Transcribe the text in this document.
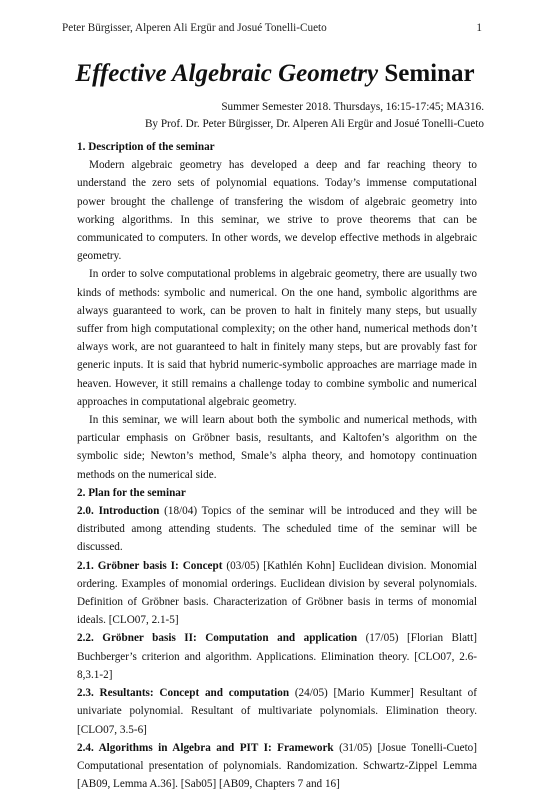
Peter Bürgisser, Alperen Ali Ergür and Josué Tonelli-Cueto	1
Effective Algebraic Geometry Seminar
Summer Semester 2018. Thursdays, 16:15-17:45; MA316.
By Prof. Dr. Peter Bürgisser, Dr. Alperen Ali Ergür and Josué Tonelli-Cueto

1. Description of the seminar

Modern algebraic geometry has developed a deep and far reaching theory to understand the zero sets of polynomial equations. Today’s immense computational power brought the challenge of transfering the wisdom of algebraic geometry into working algorithms. In this seminar, we strive to prove theorems that can be communicated to computers. In other words, we develop effective methods in algebraic geometry.

In order to solve computational problems in algebraic geometry, there are usually two kinds of methods: symbolic and numerical. On the one hand, symbolic algorithms are always guaranteed to work, can be proven to halt in finitely many steps, but usually suffer from high computational complexity; on the other hand, numerical methods don’t always work, are not guaranteed to halt in finitely many steps, but are provably fast for generic inputs. It is said that hybrid numeric-symbolic approaches are marriage made in heaven. However, it still remains a challenge today to combine symbolic and numerical approaches in computational algebraic geometry.

In this seminar, we will learn about both the symbolic and numerical methods, with particular emphasis on Gröbner basis, resultants, and Kaltofen’s algorithm on the symbolic side; Newton’s method, Smale’s alpha theory, and homotopy continuation methods on the numerical side.

2. Plan for the seminar

2.0. Introduction (18/04) Topics of the seminar will be introduced and they will be distributed among attending students. The scheduled time of the seminar will be discussed.

2.1. Gröbner basis I: Concept (03/05) [Kathlén Kohn] Euclidean division. Monomial ordering. Examples of monomial orderings. Euclidean division by several polynomials. Definition of Gröbner basis. Characterization of Gröbner basis in terms of monomial ideals. [CLO07, 2.1-5]

2.2. Gröbner basis II: Computation and application (17/05) [Florian Blatt] Buchberger’s criterion and algorithm. Applications. Elimination theory. [CLO07, 2.6-8,3.1-2]

2.3. Resultants: Concept and computation (24/05) [Mario Kummer] Resultant of univariate polynomial. Resultant of multivariate polynomials. Elimination theory. [CLO07, 3.5-6]

2.4. Algorithms in Algebra and PIT I: Framework (31/05) [Josue Tonelli-Cueto] Computational presentation of polynomials. Randomization. Schwartz-Zippel Lemma [AB09, Lemma A.36]. [Sab05] [AB09, Chapters 7 and 16]
